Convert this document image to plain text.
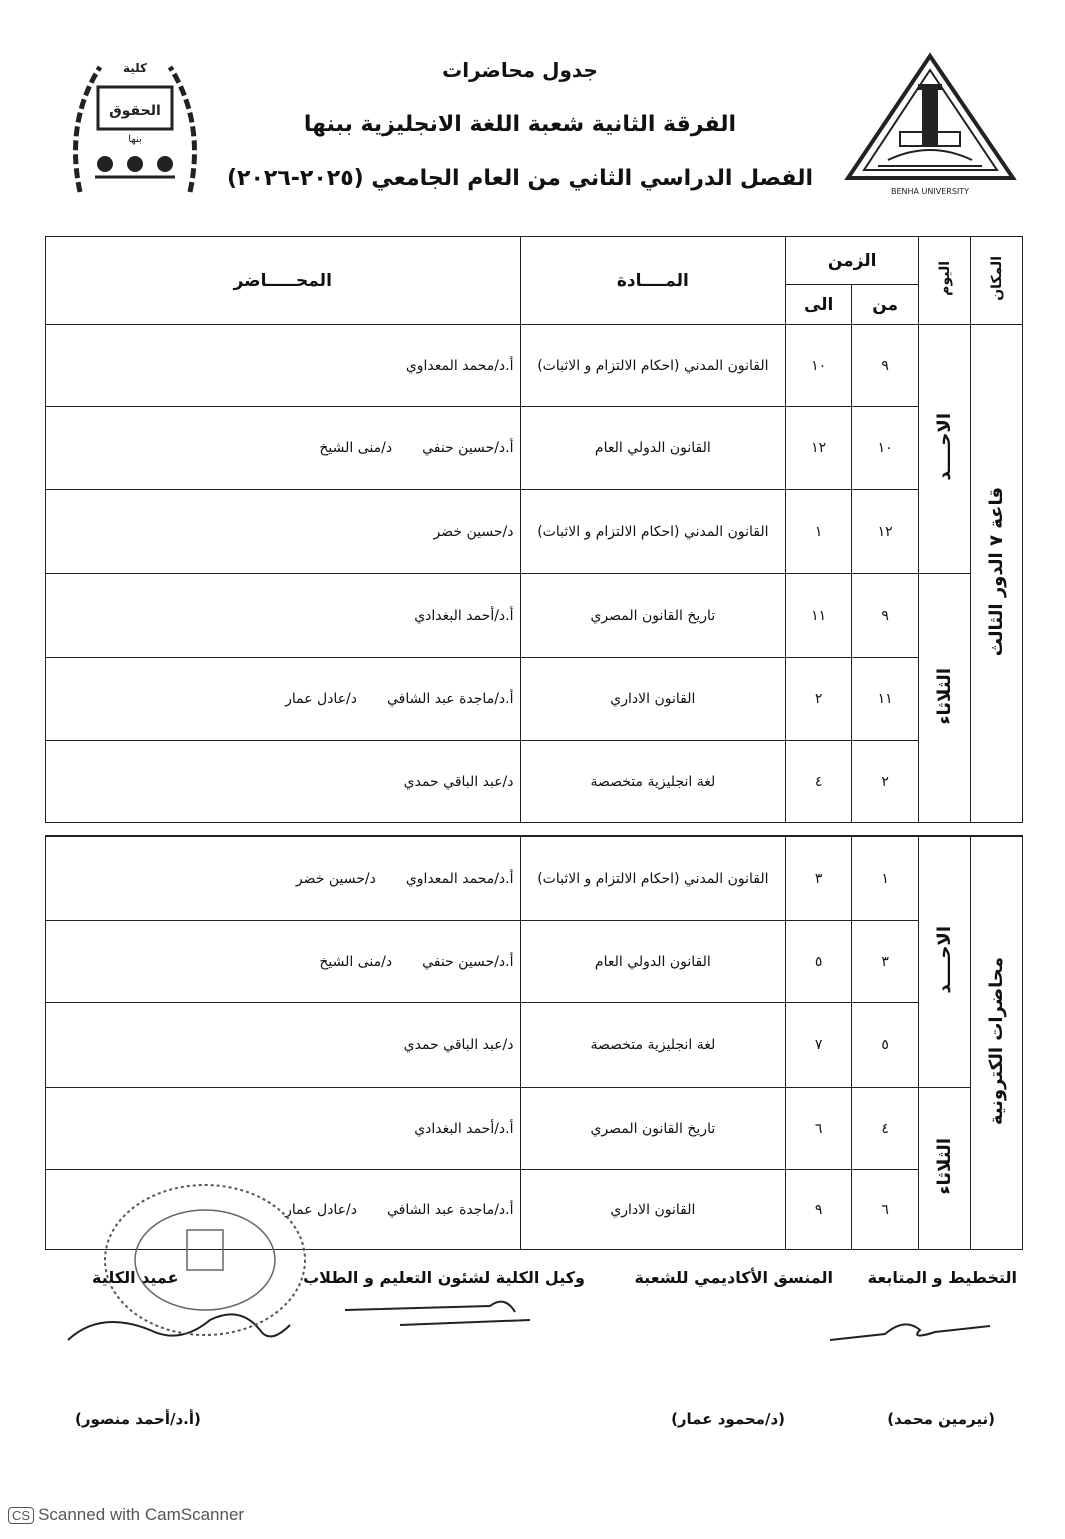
جدول محاضرات
الفرقة الثانية شعبة اللغة الانجليزية ببنها
الفصل الدراسي الثاني من العام الجامعي (٢٠٢٥-٢٠٢٦)
BENHA UNIVERSITY
الحقوق
كلية
بنها
المكان	اليوم	الزمن		المــــادة	المحـــــاضر
		من	الى		
قاعة ٧ الدور الثالث	الاحــــد	٩	١٠	القانون المدني (احكام الالتزام و الاثبات)	أ.د/محمد المعداوي
		١٠	١٢	القانون الدولي العام	أ.د/حسين حنفيد/منى الشيخ
		١٢	١	القانون المدني (احكام الالتزام و الاثبات)	د/حسين خضر
	الثلاثاء	٩	١١	تاريخ القانون المصري	أ.د/أحمد البغدادي
		١١	٢	القانون الاداري	أ.د/ماجدة عبد الشافيد/عادل عمار
		٢	٤	لغة انجليزية متخصصة	د/عبد الباقي حمدي
محاضرات الكترونية	الاحــــد	١	٣	القانون المدني (احكام الالتزام و الاثبات)	أ.د/محمد المعداويد/حسين خضر
		٣	٥	القانون الدولي العام	أ.د/حسين حنفيد/منى الشيخ
		٥	٧	لغة انجليزية متخصصة	د/عبد الباقي حمدي
	الثلاثاء	٤	٦	تاريخ القانون المصري	أ.د/أحمد البغدادي
		٦	٩	القانون الاداري	أ.د/ماجدة عبد الشافيد/عادل عمار
التخطيط و المتابعة
المنسق الأكاديمي للشعبة
وكيل الكلية لشئون التعليم و الطلاب
عميد الكلية
(نيرمين محمد)
(د/محمود عمار)
(أ.د/أحمد منصور)
CS Scanned with CamScanner
